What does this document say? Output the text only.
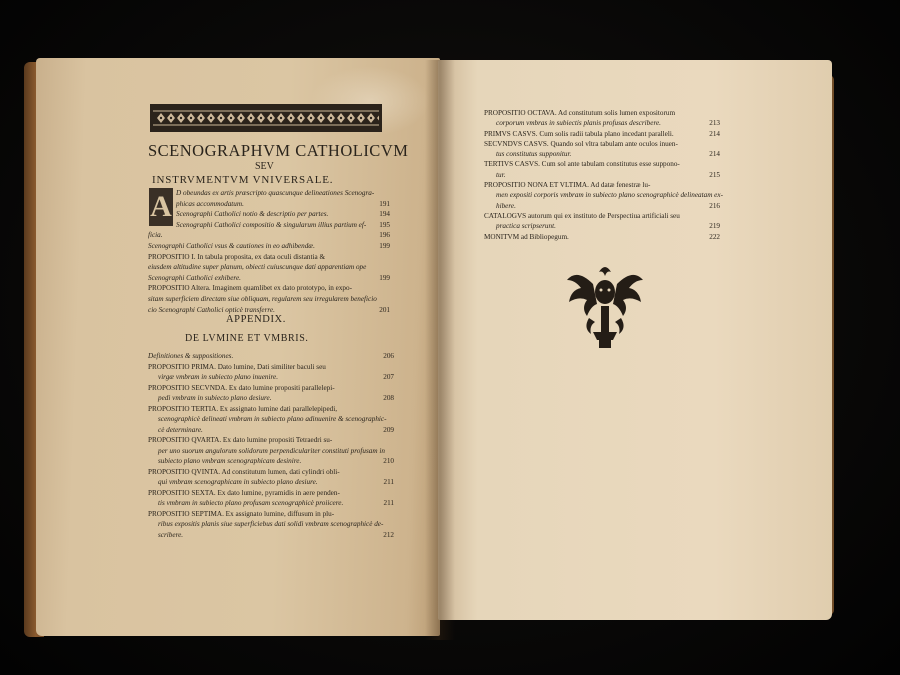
SCENOGRAPHVM CATHOLICVM
SEV
INSTRVMENTVM VNIVERSALE.
D obeundas ex artis præscripto quascunque delineationes Scenogra-
phicas accommodatum.	191
Scenographi Catholici notio & descriptio per partes.	194
Scenographi Catholici compositio & singularum illius partium ef- 195
ficia.	196
Scenographi Catholici vsus & cautiones in eo adhibendæ.	199
PROPOSITIO I. In tabula proposita, ex data oculi distantia &
eiusdem altitudine super planum, obiecti cuiuscunque dati apparentiam ope
Scenographi Catholici exhibere.	199
PROPOSITIO Altera. Imaginem quamlibet ex dato prototypo, in expo-
sitam superficiem directam siue obliquam, regularem seu irregularem beneficio
cio Scenographi Catholici opticè transferre.	201
A
APPENDIX.
DE LVMINE ET VMBRIS.
Definitiones & suppositiones.	206
PROPOSITIO PRIMA. Dato lumine, Dati similiter baculi seu
virgæ vmbram in subiecto plano inuenire.	207
PROPOSITIO SECVNDA. Ex dato lumine propositi parallelepi-
pedi vmbram in subiecto plano desiure.	208
PROPOSITIO TERTIA. Ex assignato lumine dati parallelepipedi,
scenographicè delineati vmbram in subiecto plano adinuenire & scenographic-
cè determinare.	209
PROPOSITIO QVARTA. Ex dato lumine propositi Tetraedri su-
per uno suorum angulorum solidorum perpendiculariter constituti profusam in
subiecto plano vmbram scenographicam desinire.	210
PROPOSITIO QVINTA. Ad constitutum lumen, dati cylindri obli-
qui vmbram scenographicam in subiecto plano desiure.	211
PROPOSITIO SEXTA. Ex dato lumine, pyramidis in aere penden-
tis vmbram in subiecto plano profusam scenographicè proiicere.	211
PROPOSITIO SEPTIMA. Ex assignato lumine, diffusum in plu-
ribus expositis planis siue superficiebus dati solidi vmbram scenographicè de-
scribere.	212
PROPOSITIO OCTAVA. Ad constitutum solis lumen expositorum
corporum vmbras in subiectis planis profusas describere.	213
PRIMVS CASVS. Cum solis radii tabula plano incedant paralleli.	214
SECVNDVS CASVS. Quando sol vltra tabulam ante oculos inuen-
tus constitutus supponitur.	214
TERTIVS CASVS. Cum sol ante tabulam constitutus esse suppono-
tur.	215
PROPOSITIO NONA ET VLTIMA. Ad datæ fenestræ lu-
men expositi corporis vmbram in subiecto plano scenographicè delineatam ex-
hibere.	216
CATALOGVS autorum qui ex instituto de Perspectiua artificiali seu
practica scripserunt.	219
MONITVM ad Bibliopegum.	222
